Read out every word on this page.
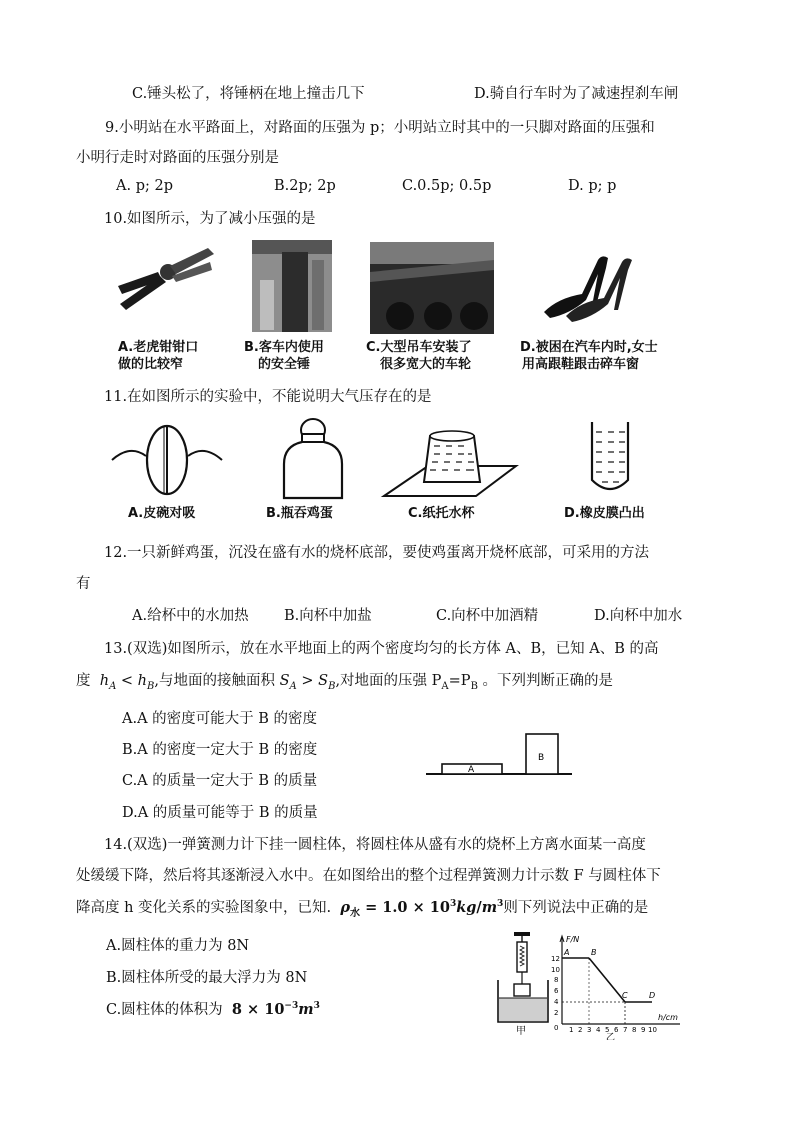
C.锤头松了，将锤柄在地上撞击几下	D.骑自行车时为了减速捏刹车闸
9.小明站在水平路面上，对路面的压强为 p；小明站立时其中的一只脚对路面的压强和
小明行走时对路面的压强分别是
A. p; 2p	B.2p; 2p	C.0.5p; 0.5p	D. p; p
10.如图所示，为了减小压强的是
A.老虎钳钳口
做的比较窄
B.客车内使用
的安全锤
C.大型吊车安装了
很多宽大的车轮
D.被困在汽车内时,女士
用高跟鞋跟击碎车窗
11.在如图所示的实验中，不能说明大气压存在的是
A.皮碗对吸	B.瓶吞鸡蛋	C.纸托水杯	D.橡皮膜凸出
12.一只新鲜鸡蛋，沉没在盛有水的烧杯底部，要使鸡蛋离开烧杯底部，可采用的方法
有
A.给杯中的水加热 B.向杯中加盐	C.向杯中加酒精	D.向杯中加水
13.(双选)如图所示，放在水平地面上的两个密度均匀的长方体 A、B，已知 A、B 的高
度 $h_A < h_B$,与地面的接触面积 $S_A > S_B$,对地面的压强 $P_A=P_B$ 。下列判断正确的是
A.A 的密度可能大于 B 的密度
B.A 的密度一定大于 B 的密度
C.A 的质量一定大于 B 的质量
D.A 的质量可能等于 B 的质量
A
B
14.(双选)一弹簧测力计下挂一圆柱体，将圆柱体从盛有水的烧杯上方离水面某一高度
处缓缓下降，然后将其逐渐浸入水中。在如图给出的整个过程弹簧测力计示数 F 与圆柱体下
降高度 h 变化关系的实验图象中，已知. $\rho_水 = 1.0 \times 10^3kg/m^3$则下列说法中正确的是
A.圆柱体的重力为 8N
B.圆柱体所受的最大浮力为 8N
C.圆柱体的体积为 $8 \times 10^{-3}m^3$
甲
F/N
h/cm
12
10
8
6
4
2
0 1 2 3 4 5 6 7 8 9 10
A	B
C	D
乙
